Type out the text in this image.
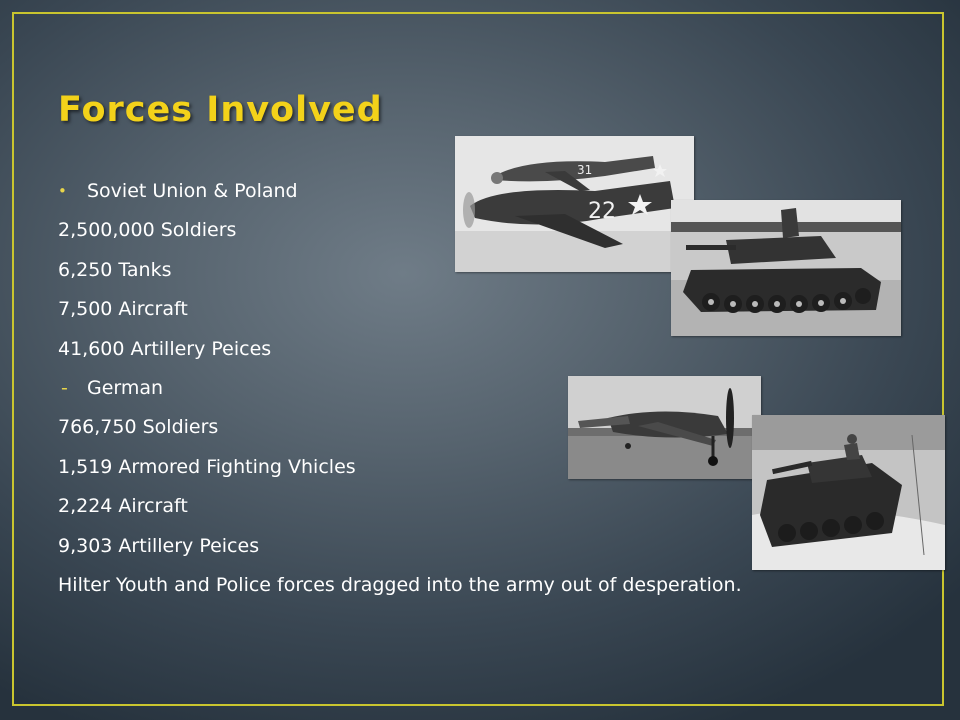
Forces Involved
• Soviet Union & Poland
2,500,000 Soldiers
6,250 Tanks
7,500 Aircraft
41,600 Artillery Peices
- German
766,750 Soldiers
1,519 Armored Fighting Vhicles
2,224 Aircraft
9,303 Artillery Peices
Hilter Youth and Police forces dragged into the army out of desperation.
31
22
